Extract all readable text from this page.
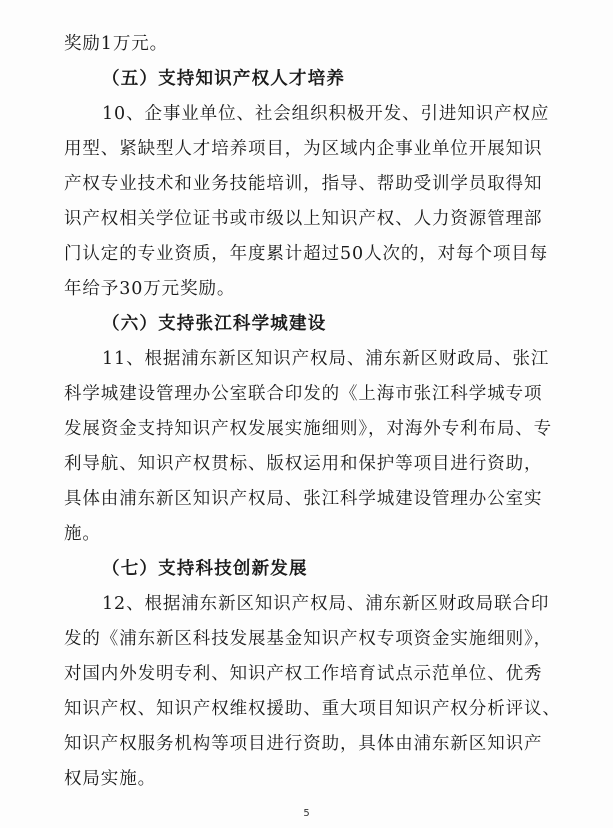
奖励1万元。
（五）支持知识产权人才培养
10、企事业单位、社会组织积极开发、引进知识产权应
用型、紧缺型人才培养项目，为区域内企事业单位开展知识
产权专业技术和业务技能培训，指导、帮助受训学员取得知
识产权相关学位证书或市级以上知识产权、人力资源管理部
门认定的专业资质，年度累计超过50人次的，对每个项目每
年给予30万元奖励。
（六）支持张江科学城建设
11、根据浦东新区知识产权局、浦东新区财政局、张江
科学城建设管理办公室联合印发的《上海市张江科学城专项
发展资金支持知识产权发展实施细则》，对海外专利布局、专
利导航、知识产权贯标、版权运用和保护等项目进行资助，
具体由浦东新区知识产权局、张江科学城建设管理办公室实
施。
（七）支持科技创新发展
12、根据浦东新区知识产权局、浦东新区财政局联合印
发的《浦东新区科技发展基金知识产权专项资金实施细则》，
对国内外发明专利、知识产权工作培育试点示范单位、优秀
知识产权、知识产权维权援助、重大项目知识产权分析评议、
知识产权服务机构等项目进行资助，具体由浦东新区知识产
权局实施。
5
